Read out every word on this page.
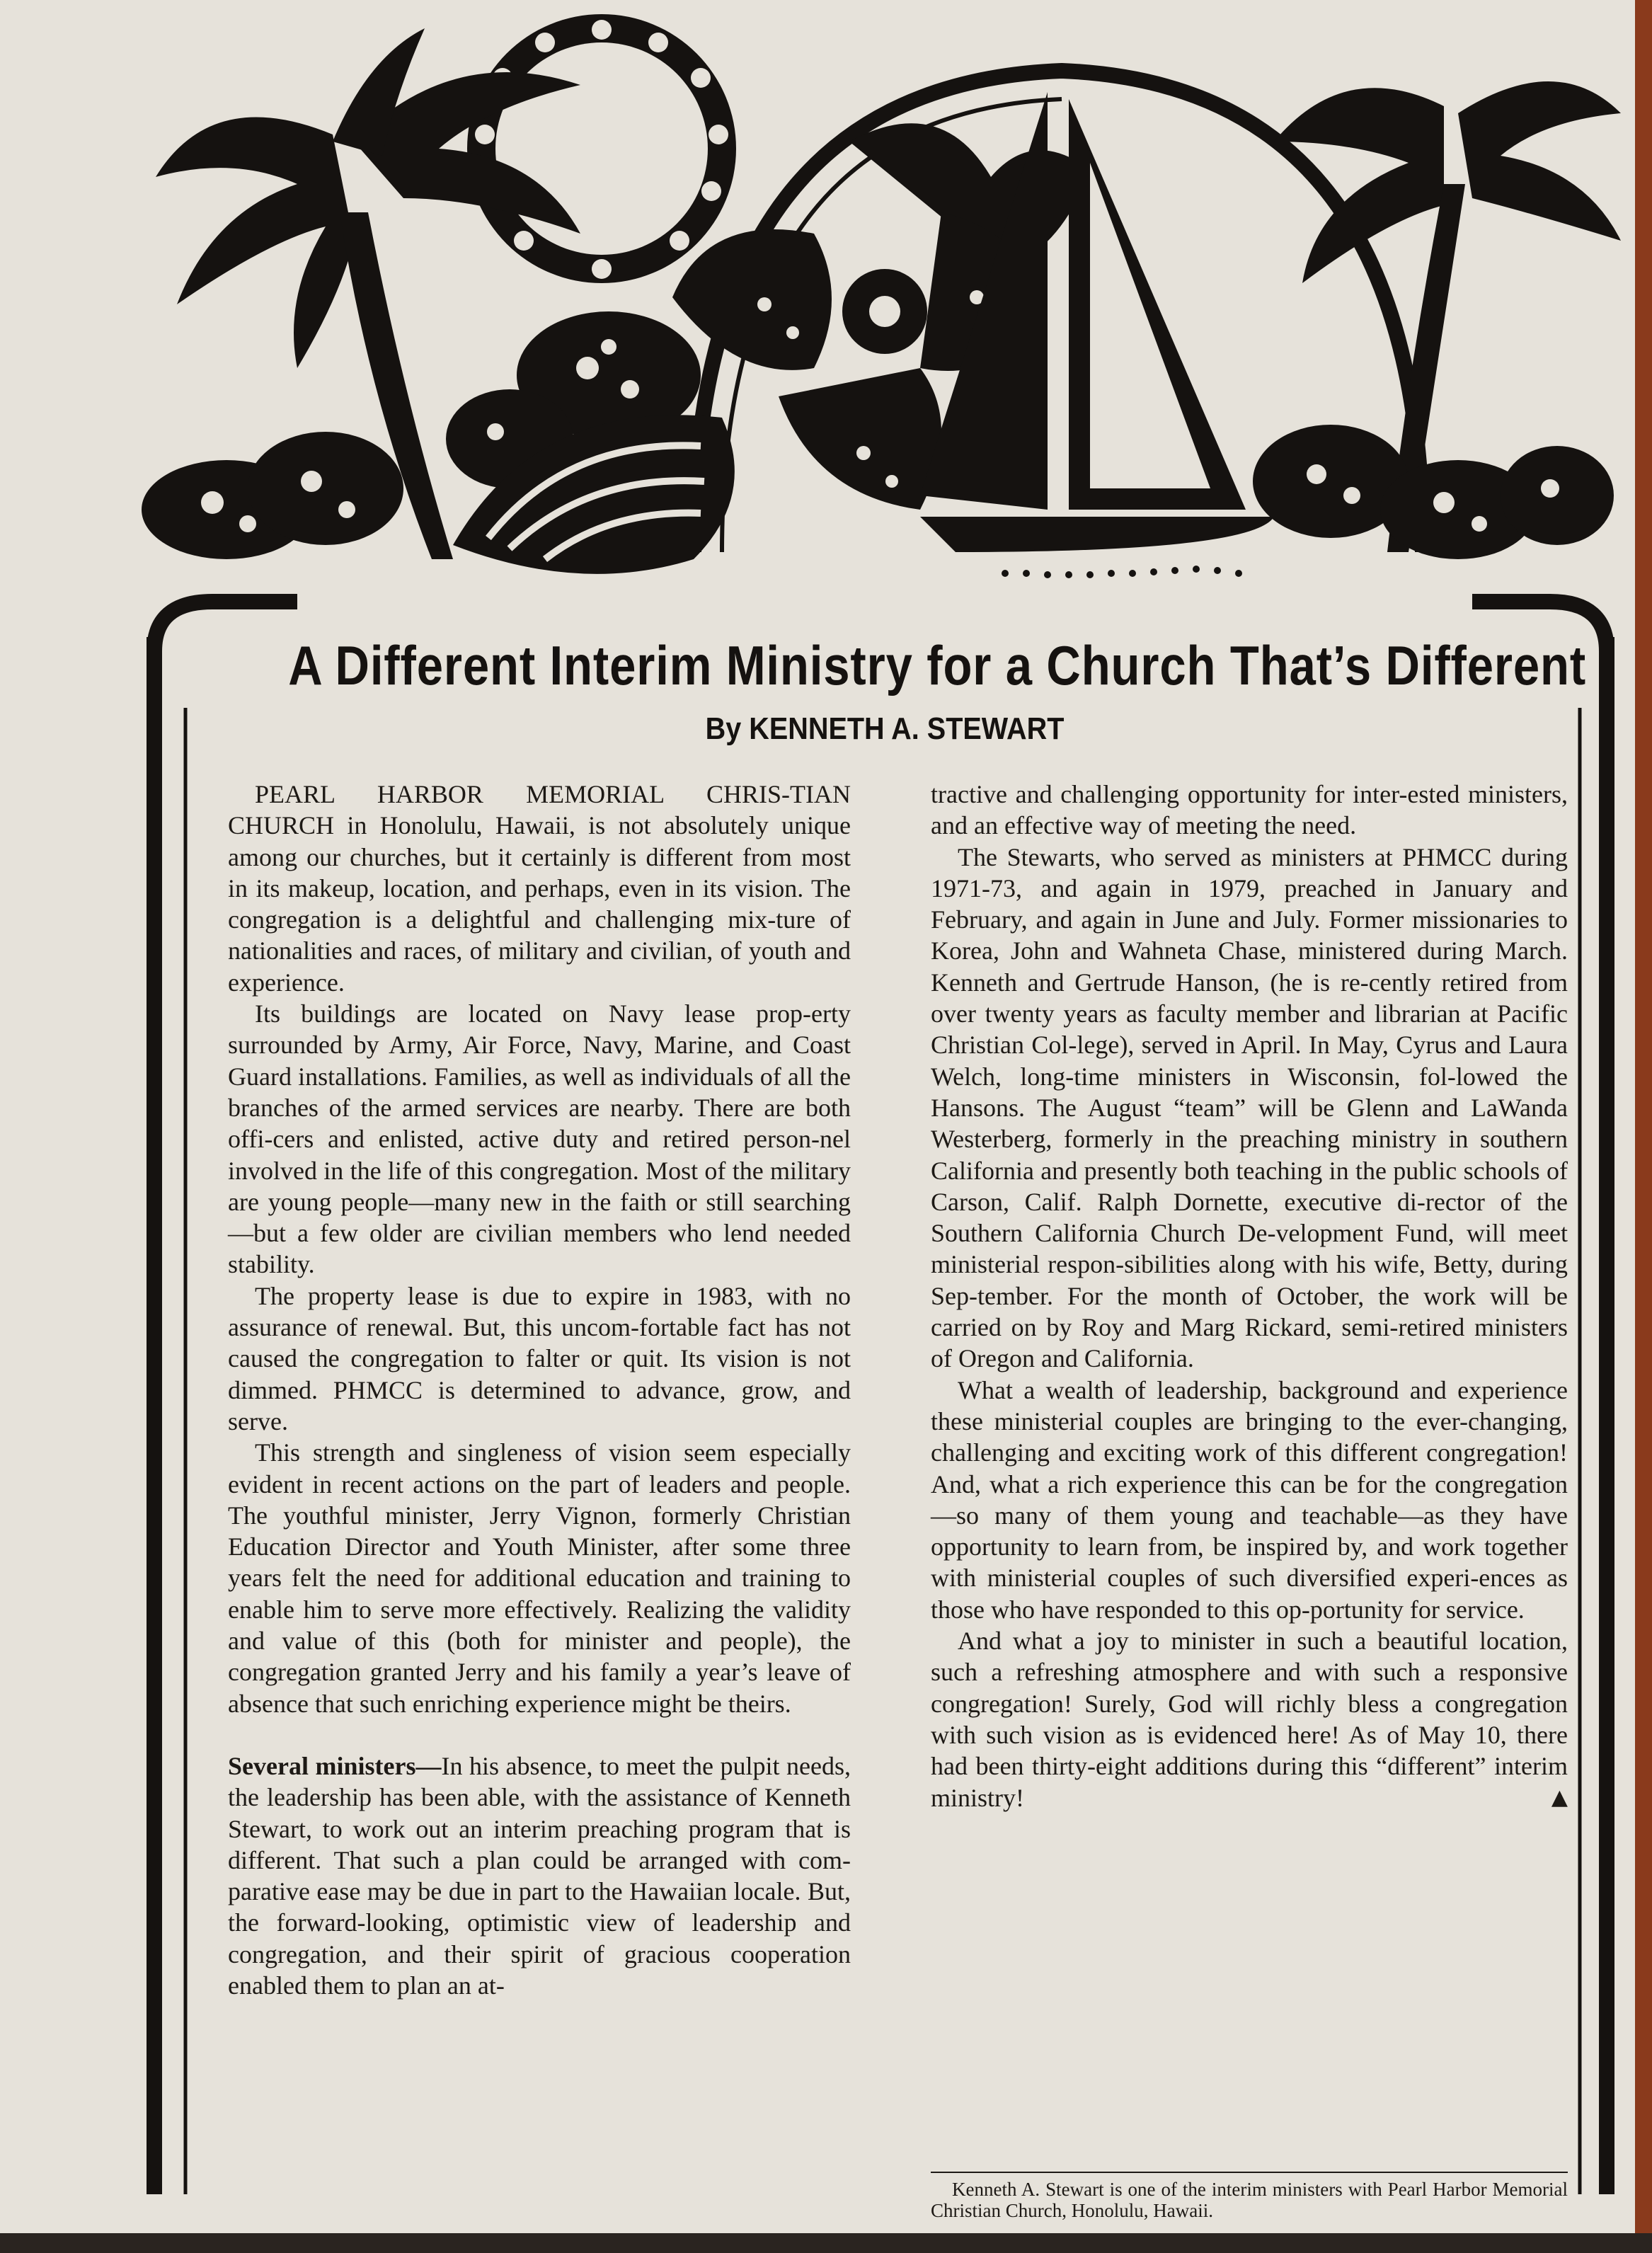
A Different Interim Ministry for a Church That’s Different
By KENNETH A. STEWART

PEARL HARBOR MEMORIAL CHRIS-TIAN CHURCH in Honolulu, Hawaii, is not absolutely unique among our churches, but it certainly is different from most in its makeup, location, and perhaps, even in its vision. The congregation is a delightful and challenging mix-ture of nationalities and races, of military and civilian, of youth and experience.

Its buildings are located on Navy lease prop-erty surrounded by Army, Air Force, Navy, Marine, and Coast Guard installations. Families, as well as individuals of all the branches of the armed services are nearby. There are both offi-cers and enlisted, active duty and retired person-nel involved in the life of this congregation. Most of the military are young people—many new in the faith or still searching—but a few older are civilian members who lend needed stability.

The property lease is due to expire in 1983, with no assurance of renewal. But, this uncom-fortable fact has not caused the congregation to falter or quit. Its vision is not dimmed. PHMCC is determined to advance, grow, and serve.

This strength and singleness of vision seem especially evident in recent actions on the part of leaders and people. The youthful minister, Jerry Vignon, formerly Christian Education Director and Youth Minister, after some three years felt the need for additional education and training to enable him to serve more effectively. Realizing the validity and value of this (both for minister and people), the congregation granted Jerry and his family a year’s leave of absence that such enriching experience might be theirs.

Several ministers—In his absence, to meet the pulpit needs, the leadership has been able, with the assistance of Kenneth Stewart, to work out an interim preaching program that is different. That such a plan could be arranged with com-parative ease may be due in part to the Hawaiian locale. But, the forward-looking, optimistic view of leadership and congregation, and their spirit of gracious cooperation enabled them to plan an at-

tractive and challenging opportunity for inter-ested ministers, and an effective way of meeting the need.

The Stewarts, who served as ministers at PHMCC during 1971-73, and again in 1979, preached in January and February, and again in June and July. Former missionaries to Korea, John and Wahneta Chase, ministered during March. Kenneth and Gertrude Hanson, (he is re-cently retired from over twenty years as faculty member and librarian at Pacific Christian Col-lege), served in April. In May, Cyrus and Laura Welch, long-time ministers in Wisconsin, fol-lowed the Hansons. The August “team” will be Glenn and LaWanda Westerberg, formerly in the preaching ministry in southern California and presently both teaching in the public schools of Carson, Calif. Ralph Dornette, executive di-rector of the Southern California Church De-velopment Fund, will meet ministerial respon-sibilities along with his wife, Betty, during Sep-tember. For the month of October, the work will be carried on by Roy and Marg Rickard, semi-retired ministers of Oregon and California.

What a wealth of leadership, background and experience these ministerial couples are bringing to the ever-changing, challenging and exciting work of this different congregation! And, what a rich experience this can be for the congregation—so many of them young and teachable—as they have opportunity to learn from, be inspired by, and work together with ministerial couples of such diversified experi-ences as those who have responded to this op-portunity for service.

And what a joy to minister in such a beautiful location, such a refreshing atmosphere and with such a responsive congregation! Surely, God will richly bless a congregation with such vision as is evidenced here! As of May 10, there had been thirty-eight additions during this “different” interim ministry!	▲

Kenneth A. Stewart is one of the interim ministers with Pearl Harbor Memorial Christian Church, Honolulu, Hawaii.
